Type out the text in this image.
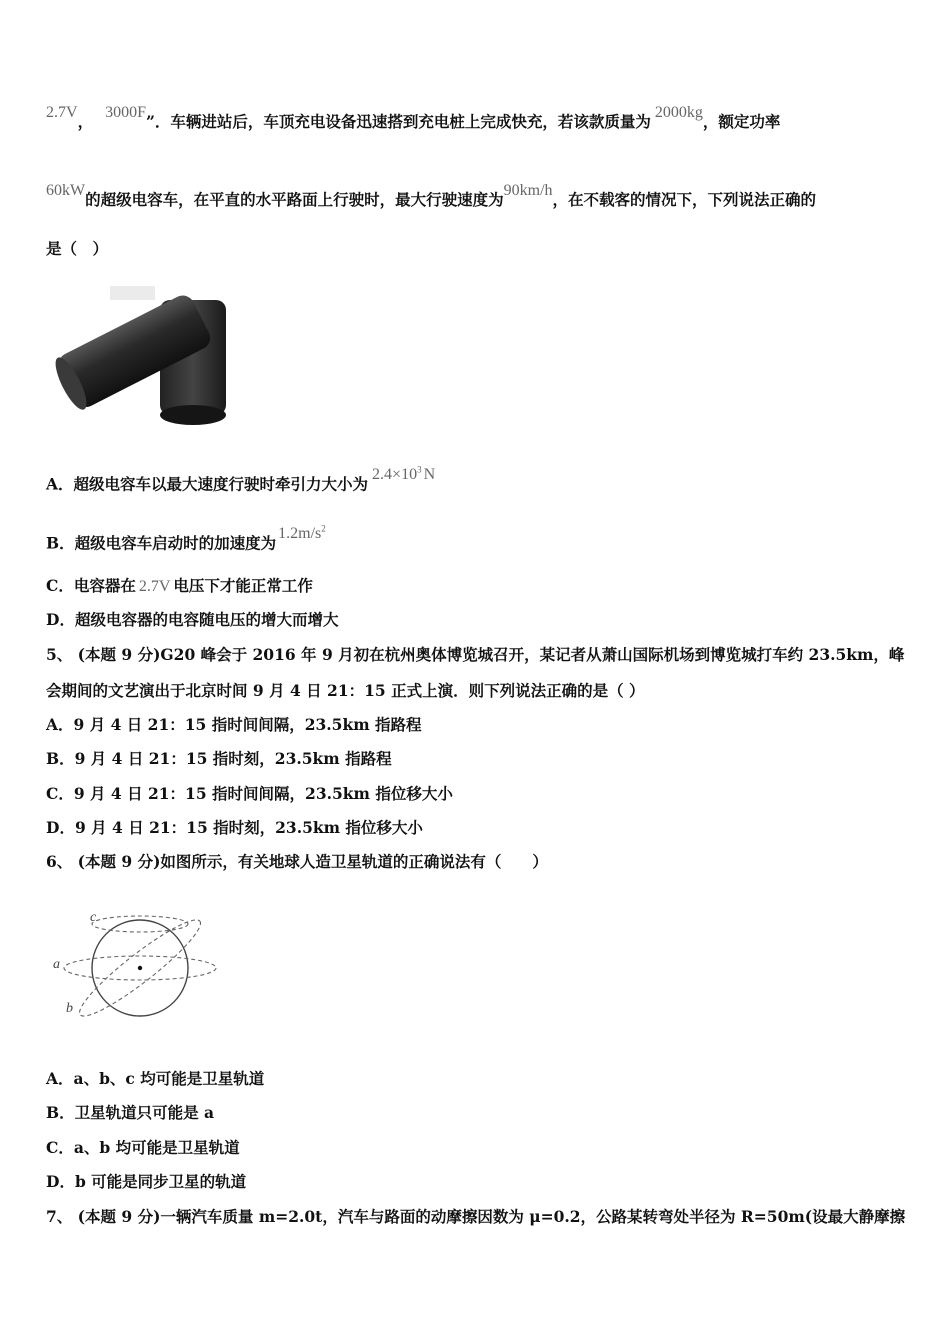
2.7V， 3000F”．车辆进站后，车顶充电设备迅速搭到充电桩上完成快充，若该款质量为 2000kg，额定功率
60kW的超级电容车，在平直的水平路面上行驶时，最大行驶速度为90km/h，在不载客的情况下，下列说法正确的
是（　）
A．超级电容车以最大速度行驶时牵引力大小为 $2.4\times 10^3$ N
B．超级电容车启动时的加速度为 $1.2m/s^2$
C．电容器在 2.7V 电压下才能正常工作
D．超级电容器的电容随电压的增大而增大
5、 (本题 9 分)G20 峰会于 2016 年 9 月初在杭州奥体博览城召开，某记者从萧山国际机场到博览城打车约 23.5km，峰
会期间的文艺演出于北京时间 9 月 4 日 21：15 正式上演．则下列说法正确的是（ ）
A．9 月 4 日 21：15 指时间间隔，23.5km 指路程
B．9 月 4 日 21：15 指时刻，23.5km 指路程
C．9 月 4 日 21：15 指时间间隔，23.5km 指位移大小
D．9 月 4 日 21：15 指时刻，23.5km 指位移大小
6、 (本题 9 分)如图所示，有关地球人造卫星轨道的正确说法有（　　）
c
a
b
A．a、b、c 均可能是卫星轨道
B．卫星轨道只可能是 a
C．a、b 均可能是卫星轨道
D．b 可能是同步卫星的轨道
7、 (本题 9 分)一辆汽车质量 m=2.0t，汽车与路面的动摩擦因数为 μ=0.2，公路某转弯处半径为 R=50m(设最大静摩擦
